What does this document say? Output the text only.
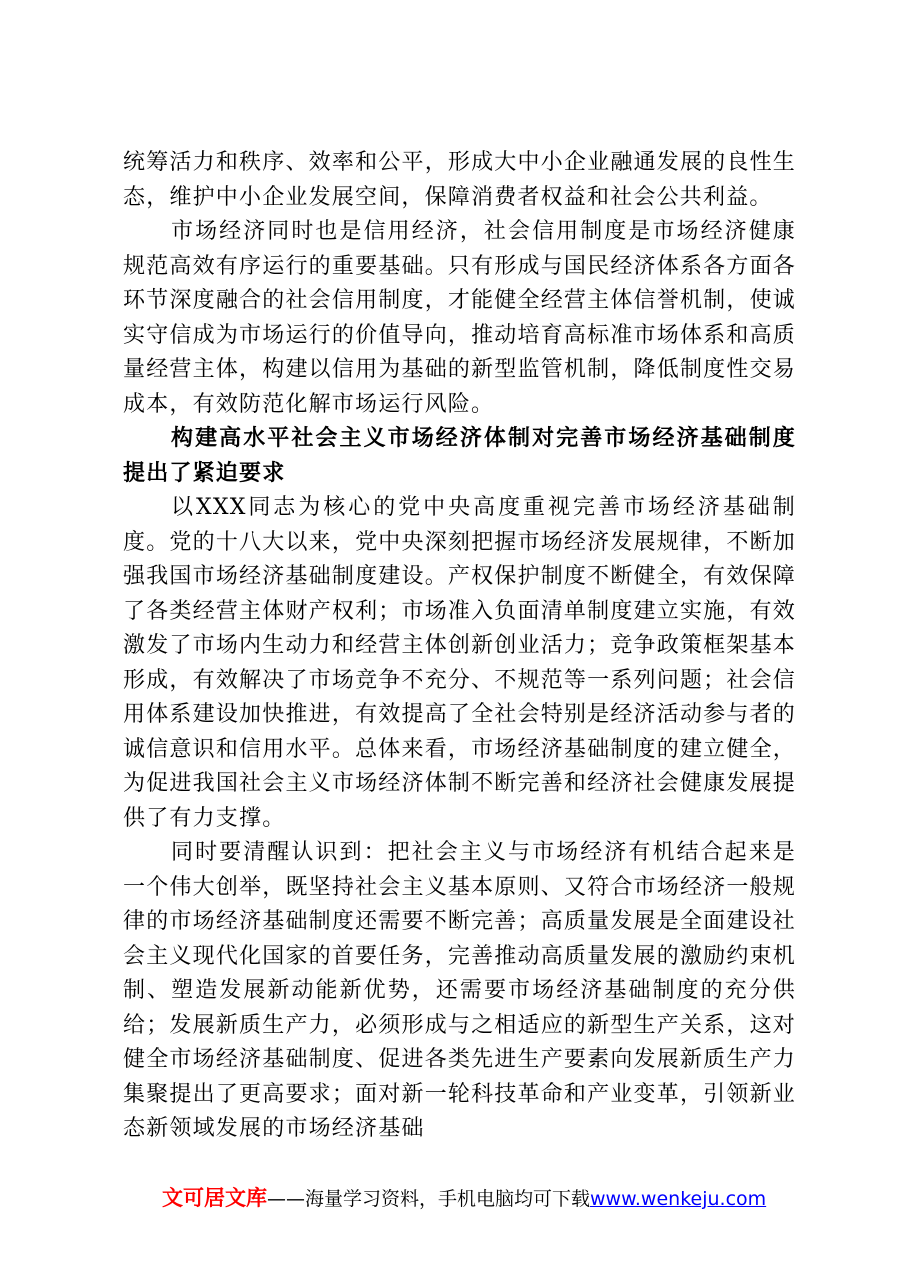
统筹活力和秩序、效率和公平，形成大中小企业融通发展的良性生态，维护中小企业发展空间，保障消费者权益和社会公共利益。

市场经济同时也是信用经济，社会信用制度是市场经济健康规范高效有序运行的重要基础。只有形成与国民经济体系各方面各环节深度融合的社会信用制度，才能健全经营主体信誉机制，使诚实守信成为市场运行的价值导向，推动培育高标准市场体系和高质量经营主体，构建以信用为基础的新型监管机制，降低制度性交易成本，有效防范化解市场运行风险。

构建高水平社会主义市场经济体制对完善市场经济基础制度提出了紧迫要求

以XXX同志为核心的党中央高度重视完善市场经济基础制度。党的十八大以来，党中央深刻把握市场经济发展规律，不断加强我国市场经济基础制度建设。产权保护制度不断健全，有效保障了各类经营主体财产权利；市场准入负面清单制度建立实施，有效激发了市场内生动力和经营主体创新创业活力；竞争政策框架基本形成，有效解决了市场竞争不充分、不规范等一系列问题；社会信用体系建设加快推进，有效提高了全社会特别是经济活动参与者的诚信意识和信用水平。总体来看，市场经济基础制度的建立健全，为促进我国社会主义市场经济体制不断完善和经济社会健康发展提供了有力支撑。

同时要清醒认识到：把社会主义与市场经济有机结合起来是一个伟大创举，既坚持社会主义基本原则、又符合市场经济一般规律的市场经济基础制度还需要不断完善；高质量发展是全面建设社会主义现代化国家的首要任务，完善推动高质量发展的激励约束机制、塑造发展新动能新优势，还需要市场经济基础制度的充分供给；发展新质生产力，必须形成与之相适应的新型生产关系，这对健全市场经济基础制度、促进各类先进生产要素向发展新质生产力集聚提出了更高要求；面对新一轮科技革命和产业变革，引领新业态新领域发展的市场经济基础

文可居文库——海量学习资料，手机电脑均可下载www.wenkeju.com
